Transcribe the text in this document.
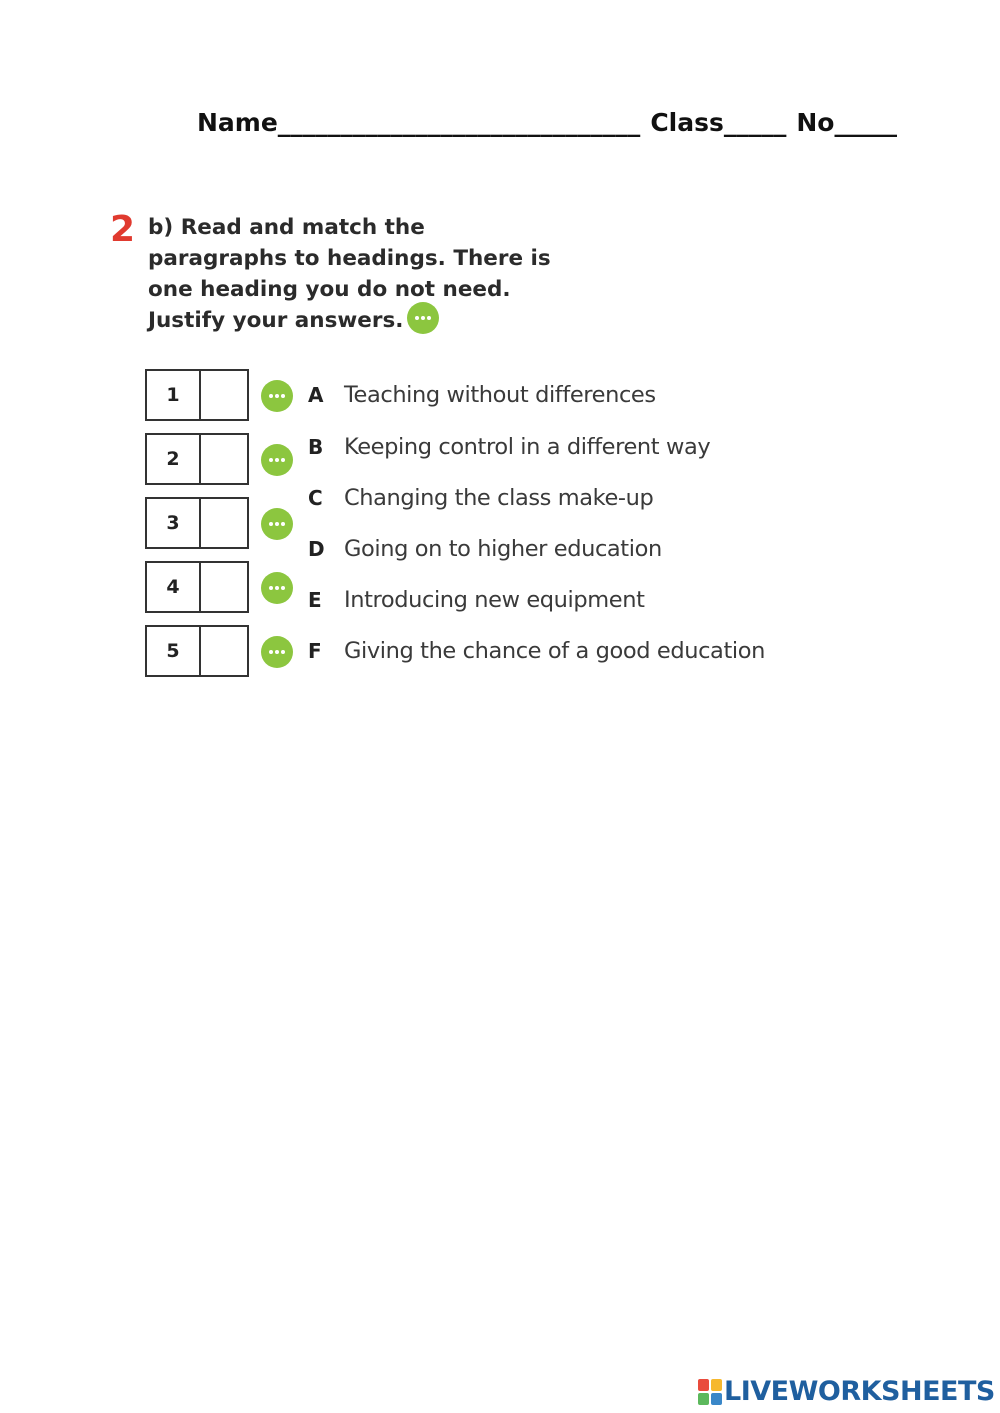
Name_____________________________ Class_____ No_____
2 b) Read and match the
paragraphs to headings. There is
one heading you do not need.
Justify your answers.
1
2
3
4
5
A Teaching without differences
B Keeping control in a different way
C Changing the class make-up
D Going on to higher education
E Introducing new equipment
F Giving the chance of a good education
LIVEWORKSHEETS
